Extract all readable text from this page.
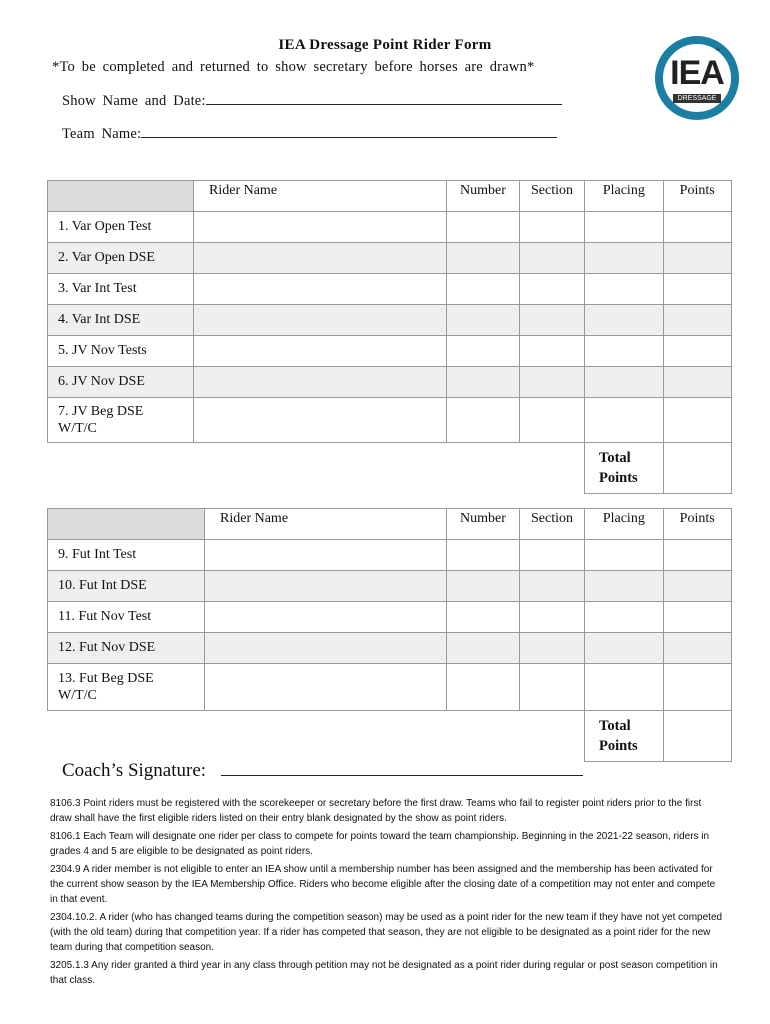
IEA Dressage Point Rider Form
*To be completed and returned to show secretary before horses are drawn*
Show Name and Date:
Team Name:
IEA
DRESSAGE
™
	Rider Name	Number	Section	Placing	Points
1. Var Open Test					
2. Var Open DSE					
3. Var Int Test					
4. Var Int DSE					
5. JV Nov Tests					
6. JV Nov DSE					
7. JV Beg DSE W/T/C					
				Total Points	
	Rider Name	Number	Section	Placing	Points
9. Fut Int Test					
10. Fut Int DSE					
11. Fut Nov Test					
12. Fut Nov DSE					
13. Fut Beg DSE W/T/C					
				Total Points	
Coach’s Signature:

8106.3 Point riders must be registered with the scorekeeper or secretary before the first draw. Teams who fail to register point riders prior to the first draw shall have the first eligible riders listed on their entry blank designated by the show as point riders.

8106.1 Each Team will designate one rider per class to compete for points toward the team championship. Beginning in the 2021-22 season, riders in grades 4 and 5 are eligible to be designated as point riders.

2304.9 A rider member is not eligible to enter an IEA show until a membership number has been assigned and the membership has been activated for the current show season by the IEA Membership Office. Riders who become eligible after the closing date of a competition may not enter and compete in that event.

2304.10.2. A rider (who has changed teams during the competition season) may be used as a point rider for the new team if they have not yet competed (with the old team) during that competition year. If a rider has competed that season, they are not eligible to be designated as a point rider for the new team during that competition season.

3205.1.3 Any rider granted a third year in any class through petition may not be designated as a point rider during regular or post season competition in that class.
